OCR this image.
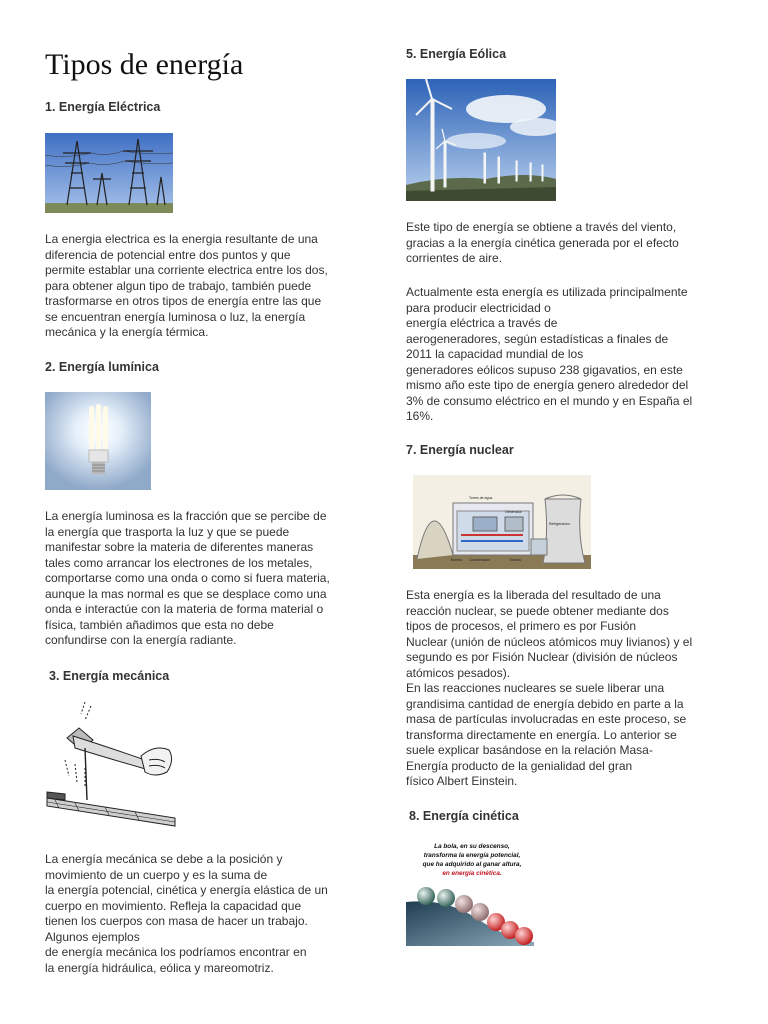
Tipos de energía
1. Energía Eléctrica

La energia electrica es la energia resultante de una
diferencia de potencial entre dos puntos y que
permite establar una corriente electrica entre los dos,
para obtener algun tipo de trabajo, también puede
trasformarse en otros tipos de energía entre las que
se encuentran energía luminosa o luz, la energía
mecánica y la energía térmica.

2. Energía lumínica

La energía luminosa es la fracción que se percibe de
la energía que trasporta la luz y que se puede
manifestar sobre la materia de diferentes maneras
tales como arrancar los electrones de los metales,
comportarse como una onda o como si fuera materia,
aunque la mas normal es que se desplace como una
onda e interactúe con la materia de forma material o
física, también añadimos que esta no debe
confundirse con la energía radiante.

3. Energía mecánica

La energía mecánica se debe a la posición y
movimiento de un cuerpo y es la suma de
la energía potencial, cinética y energía elástica de un
cuerpo en movimiento. Refleja la capacidad que
tienen los cuerpos con masa de hacer un trabajo.
Algunos ejemplos
de energía mecánica los podríamos encontrar en
la energía hidráulica, eólica y mareomotriz.

5. Energía Eólica

Este tipo de energía se obtiene a través del viento,
gracias a la energía cinética generada por el efecto
corrientes de aire.

Actualmente esta energía es utilizada principalmente
para producir electricidad o
energía eléctrica a través de
aerogeneradores, según estadísticas a finales de
2011 la capacidad mundial de los
generadores eólicos supuso 238 gigavatios, en este
mismo año este tipo de energía genero alrededor del
3% de consumo eléctrico en el mundo y en España el
16%.

7. Energía nuclear
Torres de agua
Generador
Refrigeración
Condensador	Turbina
Bomba

Esta energía es la liberada del resultado de una
reacción nuclear, se puede obtener mediante dos
tipos de procesos, el primero es por Fusión
Nuclear (unión de núcleos atómicos muy livianos) y el
segundo es por Fisión Nuclear (división de núcleos
atómicos pesados).
En las reacciones nucleares se suele liberar una
grandisima cantidad de energía debido en parte a la
masa de partículas involucradas en este proceso, se
transforma directamente en energía. Lo anterior se
suele explicar basándose en la relación Masa-
Energía producto de la genialidad del gran
físico Albert Einstein.

8. Energía cinética
La bola, en su descenso,
transforma la energía potencial,
que ha adquirido al ganar altura,
en energía cinética.
